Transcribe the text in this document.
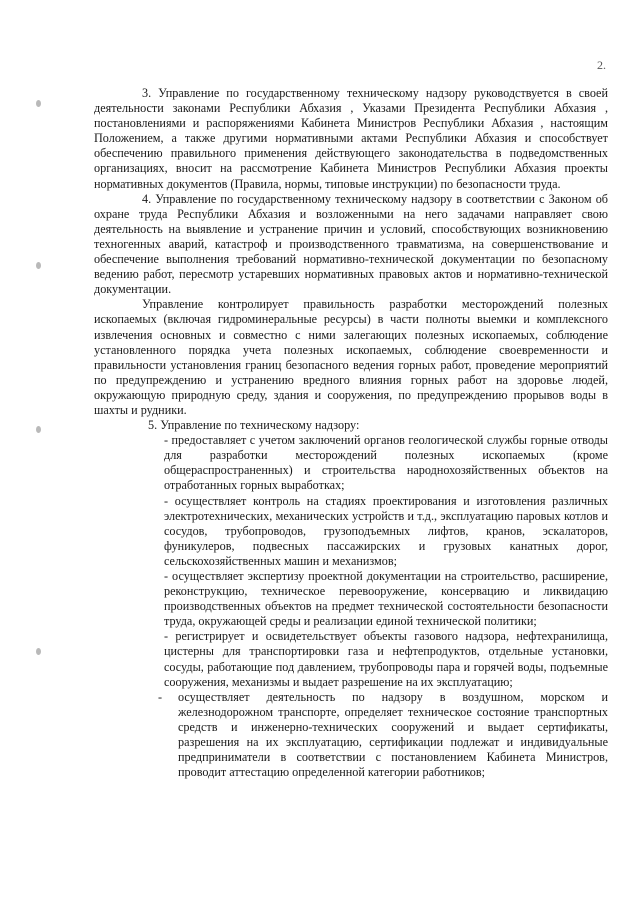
2.

3. Управление по государственному техническому надзору руководствуется в своей деятельности законами Республики Абхазия , Указами Президента Республики Абхазия , постановлениями и распоряжениями Кабинета Министров Республики Абхазия , настоящим Положением, а также другими нормативными актами Республики Абхазия и способствует обеспечению правильного применения действующего законодательства в подведомственных организациях, вносит на рассмотрение Кабинета Министров Республики Абхазия проекты нормативных документов (Правила, нормы, типовые инструкции) по безопасности труда.

4. Управление по государственному техническому надзору в соответствии с Законом об охране труда Республики Абхазия и возложенными на него задачами направляет свою деятельность на выявление и устранение причин и условий, способствующих возникновению техногенных аварий, катастроф и производственного травматизма, на совершенствование и обеспечение выполнения требований нормативно-технической документации по безопасному ведению работ, пересмотр устаревших нормативных правовых актов и нормативно-технической документации.

Управление контролирует правильность разработки месторождений полезных ископаемых (включая гидроминеральные ресурсы) в части полноты выемки и комплексного извлечения основных и совместно с ними залегающих полезных ископаемых, соблюдение установленного порядка учета полезных ископаемых, соблюдение своевременности и правильности установления границ безопасного ведения горных работ, проведение мероприятий по предупреждению и устранению вредного влияния горных работ на здоровье людей, окружающую природную среду, здания и сооружения, по предупреждению прорывов воды в шахты и рудники.

5. Управление по техническому надзору:

- предоставляет с учетом заключений органов геологической службы горные отводы для разработки месторождений полезных ископаемых (кроме общераспространенных) и строительства народнохозяйственных объектов на отработанных горных выработках;

- осуществляет контроль на стадиях проектирования и изготовления различных электротехнических, механических устройств и т.д., эксплуатацию паровых котлов и сосудов, трубопроводов, грузоподъемных лифтов, кранов, эскалаторов, фуникулеров, подвесных пассажирских и грузовых канатных дорог, сельскохозяйственных машин и механизмов;

- осуществляет экспертизу проектной документации на строительство, расширение, реконструкцию, техническое перевооружение, консервацию и ликвидацию производственных объектов на предмет технической состоятельности безопасности труда, окружающей среды и реализации единой технической политики;

- регистрирует и освидетельствует объекты газового надзора, нефтехранилища, цистерны для транспортировки газа и нефтепродуктов, отдельные установки, сосуды, работающие под давлением, трубопроводы пара и горячей воды, подъемные сооружения, механизмы и выдает разрешение на их эксплуатацию;

-	осуществляет деятельность по надзору в воздушном, морском и железнодорожном транспорте, определяет техническое состояние транспортных средств и инженерно-технических сооружений и выдает сертификаты, разрешения на их эксплуатацию, сертификации подлежат и индивидуальные предприниматели в соответствии с постановлением Кабинета Министров, проводит аттестацию определенной категории работников;
